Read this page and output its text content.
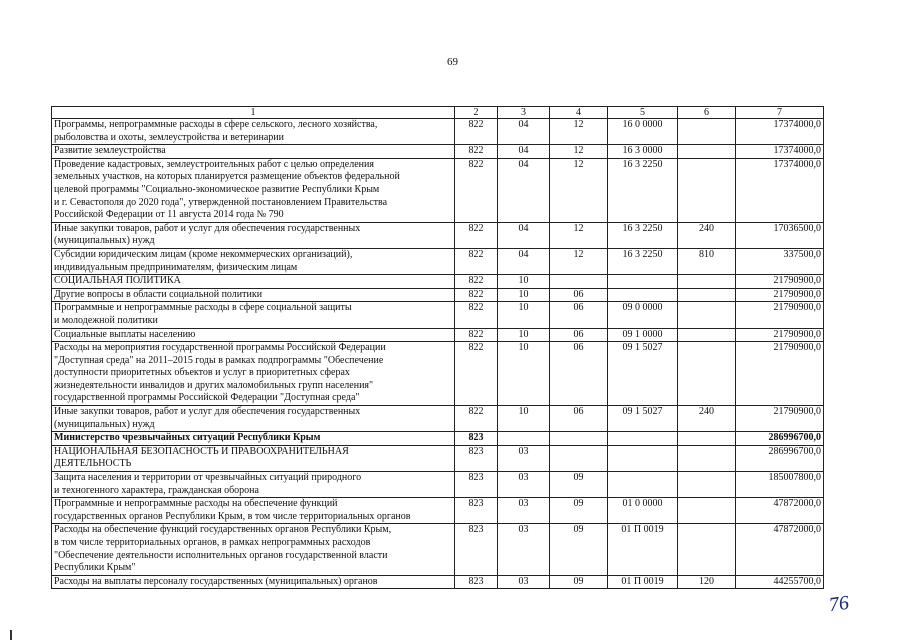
69
1	2	3	4	5	6	7
Программы, непрограммные расходы в сфере сельского, лесного хозяйства,
рыболовства и охоты, землеустройства и ветеринарии	822	04	12	16 0 0000		17374000,0
Развитие землеустройства	822	04	12	16 3 0000		17374000,0
Проведение кадастровых, землеустроительных работ с целью определения
земельных участков, на которых планируется размещение объектов федеральной
целевой программы "Социально-экономическое развитие Республики Крым
и г. Севастополя до 2020 года", утвержденной постановлением Правительства
Российской Федерации от 11 августа 2014 года № 790	822	04	12	16 3 2250		17374000,0
Иные закупки товаров, работ и услуг для обеспечения государственных
(муниципальных) нужд	822	04	12	16 3 2250	240	17036500,0
Субсидии юридическим лицам (кроме некоммерческих организаций),
индивидуальным предпринимателям, физическим лицам	822	04	12	16 3 2250	810	337500,0
СОЦИАЛЬНАЯ ПОЛИТИКА	822	10				21790900,0
Другие вопросы в области социальной политики	822	10	06			21790900,0
Программные и непрограммные расходы в сфере социальной защиты
и молодежной политики	822	10	06	09 0 0000		21790900,0
Социальные выплаты населению	822	10	06	09 1 0000		21790900,0
Расходы на мероприятия государственной программы Российской Федерации
"Доступная среда" на 2011–2015 годы в рамках подпрограммы "Обеспечение
доступности приоритетных объектов и услуг в приоритетных сферах
жизнедеятельности инвалидов и других маломобильных групп населения"
государственной программы Российской Федерации "Доступная среда"	822	10	06	09 1 5027		21790900,0
Иные закупки товаров, работ и услуг для обеспечения государственных
(муниципальных) нужд	822	10	06	09 1 5027	240	21790900,0
Министерство чрезвычайных ситуаций Республики Крым	823					286996700,0
НАЦИОНАЛЬНАЯ БЕЗОПАСНОСТЬ И ПРАВООХРАНИТЕЛЬНАЯ
ДЕЯТЕЛЬНОСТЬ	823	03				286996700,0
Защита населения и территории от чрезвычайных ситуаций природного
и техногенного характера, гражданская оборона	823	03	09			185007800,0
Программные и непрограммные расходы на обеспечение функций
государственных органов Республики Крым, в том числе территориальных органов	823	03	09	01 0 0000		47872000,0
Расходы на обеспечение функций государственных органов Республики Крым,
в том числе территориальных органов, в рамках непрограммных расходов
"Обеспечение деятельности исполнительных органов государственной власти
Республики Крым"	823	03	09	01 П 0019		47872000,0
Расходы на выплаты персоналу государственных (муниципальных) органов	823	03	09	01 П 0019	120	44255700,0
76
